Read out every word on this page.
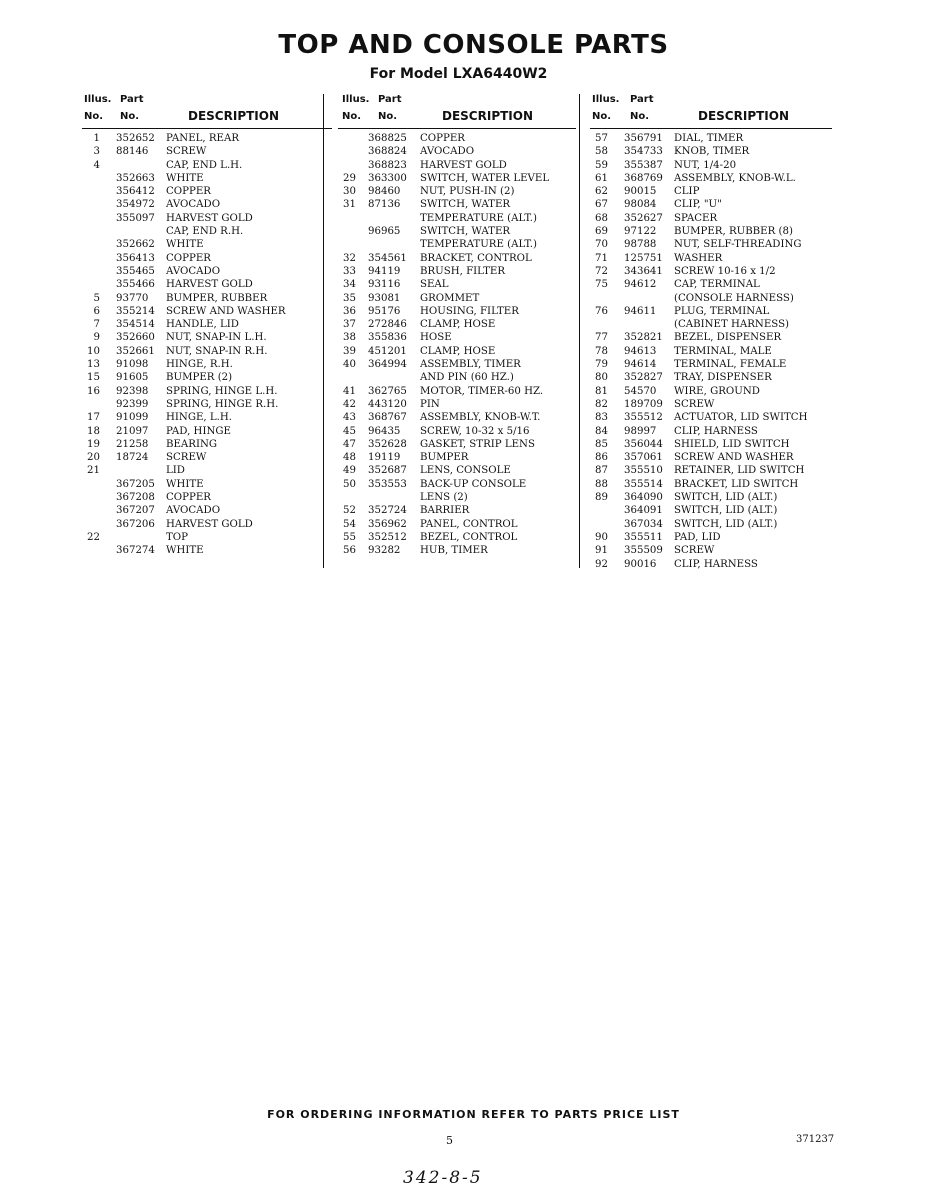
TOP AND CONSOLE PARTS
For Model LXA6440W2
Illus. Part
No. No.	DESCRIPTION
1 352652 PANEL, REAR
3 88146 SCREW
4	CAP, END L.H.
352663 WHITE
356412 COPPER
354972 AVOCADO
355097 HARVEST GOLD
CAP, END R.H.
352662 WHITE
356413 COPPER
355465 AVOCADO
355466 HARVEST GOLD
5 93770 BUMPER, RUBBER
6 355214 SCREW AND WASHER
7 354514 HANDLE, LID
9 352660 NUT, SNAP-IN L.H.
10 352661 NUT, SNAP-IN R.H.
13 91098 HINGE, R.H.
15 91605 BUMPER (2)
16 92398 SPRING, HINGE L.H.
92399 SPRING, HINGE R.H.
17 91099 HINGE, L.H.
18 21097 PAD, HINGE
19 21258 BEARING
20 18724 SCREW
21	LID
367205 WHITE
367208 COPPER
367207 AVOCADO
367206 HARVEST GOLD
22	TOP
367274 WHITE
Illus. Part
No. No.	DESCRIPTION
368825 COPPER
368824 AVOCADO
368823 HARVEST GOLD
29 363300 SWITCH, WATER LEVEL
30 98460 NUT, PUSH-IN (2)
31 87136 SWITCH, WATER
TEMPERATURE (ALT.)
96965 SWITCH, WATER
TEMPERATURE (ALT.)
32 354561 BRACKET, CONTROL
33 94119 BRUSH, FILTER
34 93116 SEAL
35 93081 GROMMET
36 95176 HOUSING, FILTER
37 272846 CLAMP, HOSE
38 355836 HOSE
39 451201 CLAMP, HOSE
40 364994 ASSEMBLY, TIMER
AND PIN (60 HZ.)
41 362765 MOTOR, TIMER-60 HZ.
42 443120 PIN
43 368767 ASSEMBLY, KNOB-W.T.
45 96435 SCREW, 10-32 x 5/16
47 352628 GASKET, STRIP LENS
48 19119 BUMPER
49 352687 LENS, CONSOLE
50 353553 BACK-UP CONSOLE
LENS (2)
52 352724 BARRIER
54 356962 PANEL, CONTROL
55 352512 BEZEL, CONTROL
56 93282 HUB, TIMER
Illus. Part
No. No.	DESCRIPTION
57 356791 DIAL, TIMER
58 354733 KNOB, TIMER
59 355387 NUT, 1/4-20
61 368769 ASSEMBLY, KNOB-W.L.
62 90015 CLIP
67 98084 CLIP, "U"
68 352627 SPACER
69 97122 BUMPER, RUBBER (8)
70 98788 NUT, SELF-THREADING
71 125751 WASHER
72 343641 SCREW 10-16 x 1/2
75 94612 CAP, TERMINAL
(CONSOLE HARNESS)
76 94611 PLUG, TERMINAL
(CABINET HARNESS)
77 352821 BEZEL, DISPENSER
78 94613 TERMINAL, MALE
79 94614 TERMINAL, FEMALE
80 352827 TRAY, DISPENSER
81 54570 WIRE, GROUND
82 189709 SCREW
83 355512 ACTUATOR, LID SWITCH
84 98997 CLIP, HARNESS
85 356044 SHIELD, LID SWITCH
86 357061 SCREW AND WASHER
87 355510 RETAINER, LID SWITCH
88 355514 BRACKET, LID SWITCH
89 364090 SWITCH, LID (ALT.)
364091 SWITCH, LID (ALT.)
367034 SWITCH, LID (ALT.)
90 355511 PAD, LID
91 355509 SCREW
92 90016 CLIP, HARNESS
FOR ORDERING INFORMATION REFER TO PARTS PRICE LIST
5	371237
342-8-5
